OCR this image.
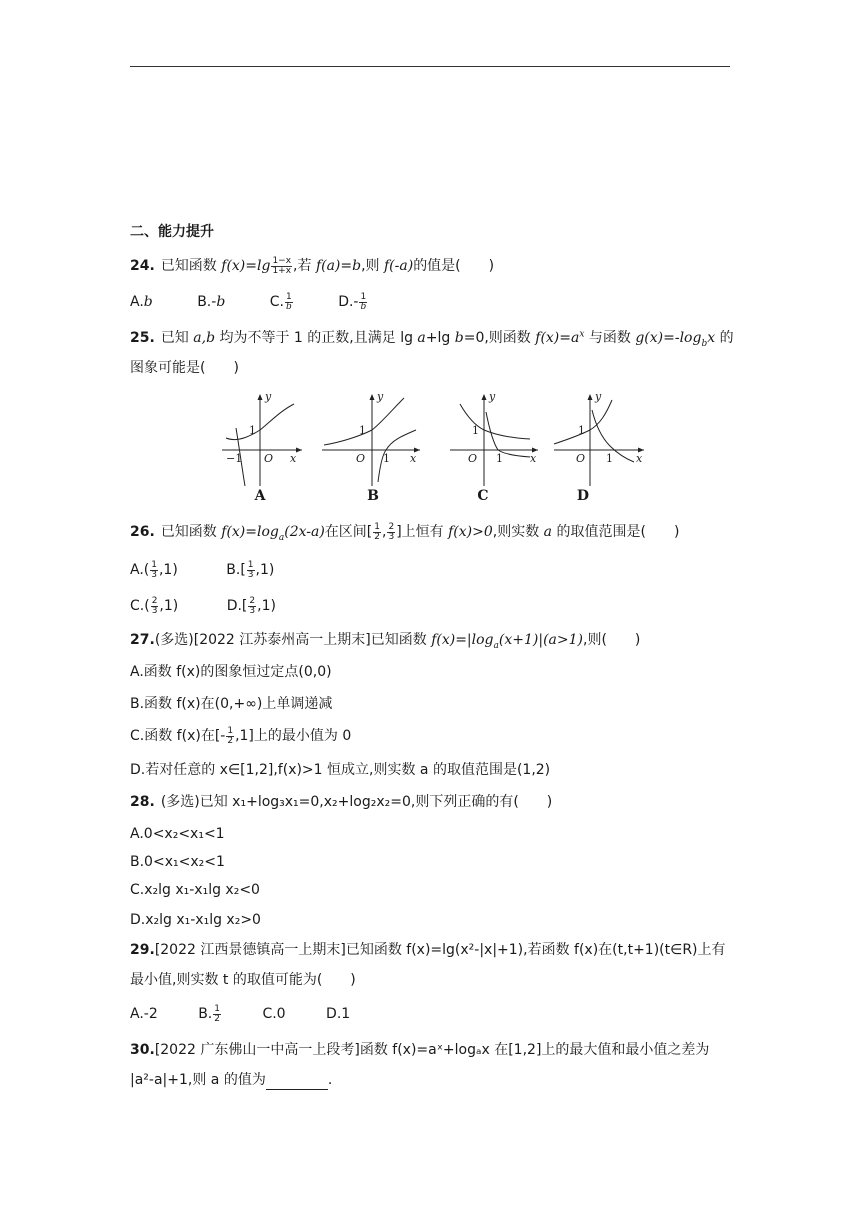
二、能力提升
24. 已知函数 $f(x)=\lg \frac{1-x}{1+x}$ ,若 f(a)=b,则 f(-a)的值是(　　)
A.b	B.-b	C. $\frac{1}{b}$	$D.- \frac{1}{b}$
25. 已知 a,b 均为不等于 1 的正数,且满足 lg a+lg b=0,则函数 $f(x)=a^x$ 与函数 $g(x)=-\log_bx$ 的
图象可能是(　　)
y
x
O
1
−1
A
y
x
O
1
1
B
y
x
O
1
1
C
y
x
O
1
1
D
26. 已知函数 $f(x)=\log_a(2x-a)$在区间[ $\frac{1}{2}$ , $\frac{2}{3}$ ]上恒有 f(x)>0,则实数 a 的取值范围是(　　)
$A.( \frac{1}{3} ,1)$	$B.[ \frac{1}{3} ,1)$
$C.( \frac{2}{3} ,1)$	$D.[ \frac{2}{3} ,1)$
27.(多选)[2022 江苏泰州高一上期末]已知函数 $f(x)=|\log_a(x+1)|(a>1)$,则(　　)
A.函数 f(x)的图象恒过定点(0,0)
B.函数 f(x)在(0,+∞)上单调递减
C.函数 f(x)在[- $\frac{1}{2} ,1$]上的最小值为 0
D.若对任意的 x∈[1,2],f(x)>1 恒成立,则实数 a 的取值范围是(1,2)
28. (多选)已知 x₁+log₃x₁=0,x₂+log₂x₂=0,则下列正确的有(　　)
A.0<x₂<x₁<1
B.0<x₁<x₂<1
C.x₂lg x₁-x₁lg x₂<0
D.x₂lg x₁-x₁lg x₂>0
29.[2022 江西景德镇高一上期末]已知函数 f(x)=lg(x²-|x|+1),若函数 f(x)在(t,t+1)(t∈R)上有
最小值,则实数 t 的取值可能为(　　)
A.-2	B. $\frac{1}{2}$	C.0	D.1
30.[2022 广东佛山一中高一上段考]函数 f(x)=aˣ+logₐx 在[1,2]上的最大值和最小值之差为
|a²-a|+1,则 a 的值为	.
